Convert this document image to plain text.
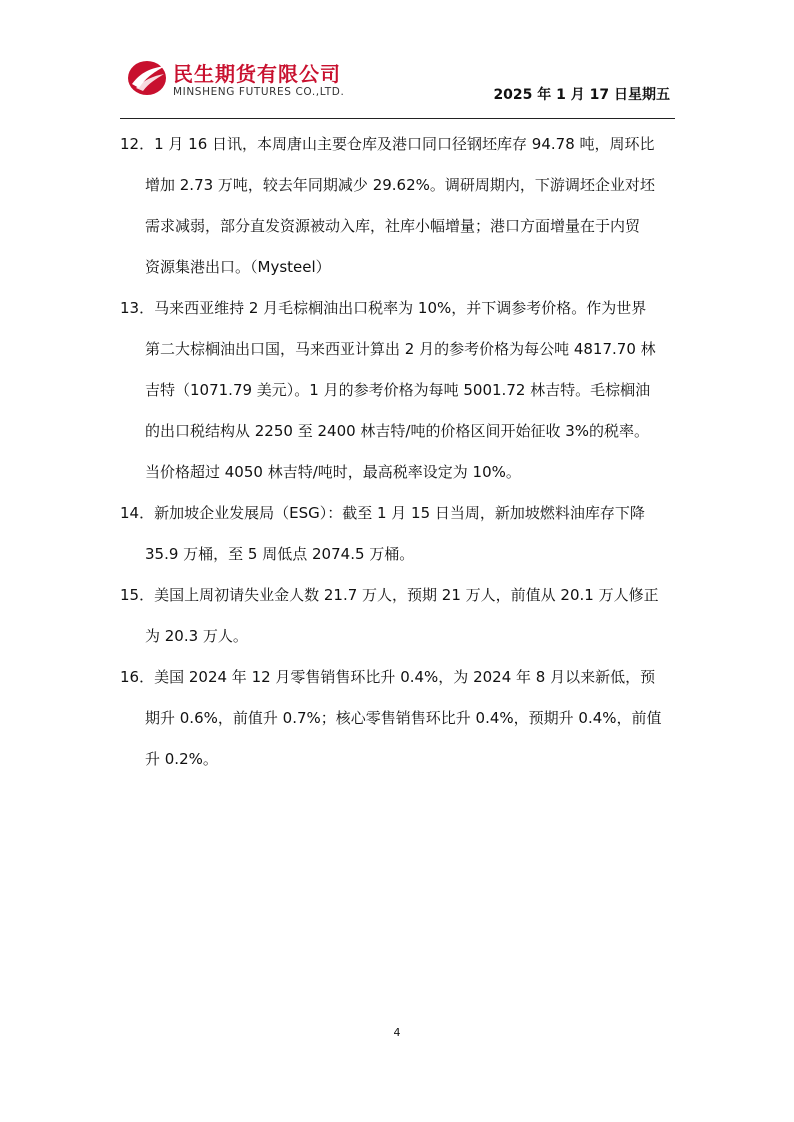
民生期货有限公司
MINSHENG FUTURES CO.,LTD.	2025 年 1 月 17 日星期五
12．1 月 16 日讯，本周唐山主要仓库及港口同口径钢坯库存 94.78 吨，周环比
增加 2.73 万吨，较去年同期减少 29.62%。调研周期内，下游调坯企业对坯
需求减弱，部分直发资源被动入库，社库小幅增量；港口方面增量在于内贸
资源集港出口。（Mysteel）
13．马来西亚维持 2 月毛棕榈油出口税率为 10%，并下调参考价格。作为世界
第二大棕榈油出口国，马来西亚计算出 2 月的参考价格为每公吨 4817.70 林
吉特（1071.79 美元）。1 月的参考价格为每吨 5001.72 林吉特。毛棕榈油
的出口税结构从 2250 至 2400 林吉特/吨的价格区间开始征收 3%的税率。
当价格超过 4050 林吉特/吨时，最高税率设定为 10%。
14．新加坡企业发展局（ESG）：截至 1 月 15 日当周，新加坡燃料油库存下降
35.9 万桶，至 5 周低点 2074.5 万桶。
15．美国上周初请失业金人数 21.7 万人，预期 21 万人，前值从 20.1 万人修正
为 20.3 万人。
16．美国 2024 年 12 月零售销售环比升 0.4%，为 2024 年 8 月以来新低，预
期升 0.6%，前值升 0.7%；核心零售销售环比升 0.4%，预期升 0.4%，前值
升 0.2%。
4
